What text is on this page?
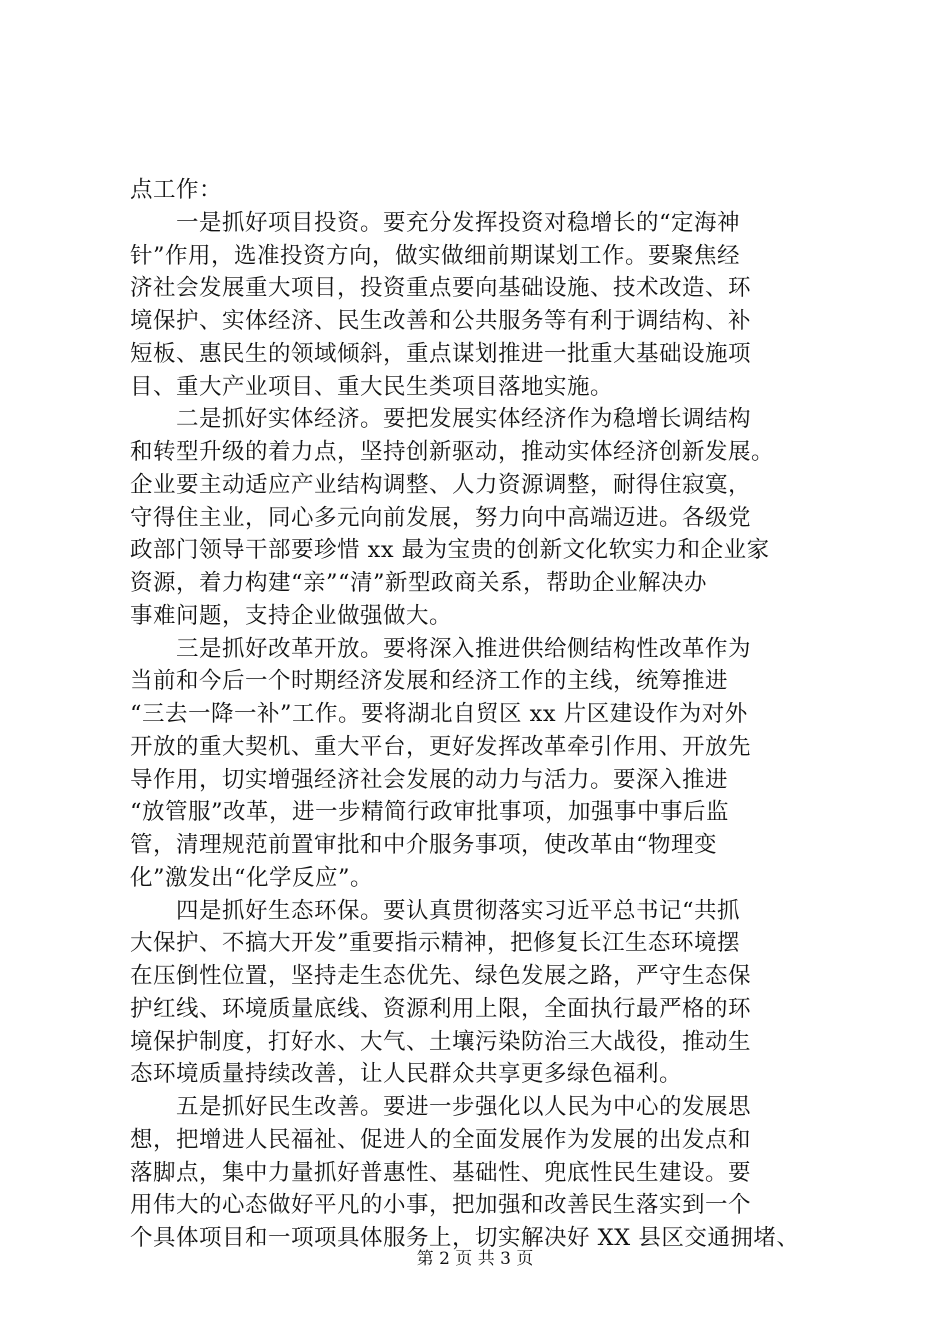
点工作：
　　一是抓好项目投资。要充分发挥投资对稳增长的“定海神
针”作用，选准投资方向，做实做细前期谋划工作。要聚焦经
济社会发展重大项目，投资重点要向基础设施、技术改造、环
境保护、实体经济、民生改善和公共服务等有利于调结构、补
短板、惠民生的领域倾斜，重点谋划推进一批重大基础设施项
目、重大产业项目、重大民生类项目落地实施。
　　二是抓好实体经济。要把发展实体经济作为稳增长调结构
和转型升级的着力点，坚持创新驱动，推动实体经济创新发展。
企业要主动适应产业结构调整、人力资源调整，耐得住寂寞，
守得住主业，同心多元向前发展，努力向中高端迈进。各级党
政部门领导干部要珍惜 xx 最为宝贵的创新文化软实力和企业家
资源，着力构建“亲”“清”新型政商关系，帮助企业解决办
事难问题，支持企业做强做大。
　　三是抓好改革开放。要将深入推进供给侧结构性改革作为
当前和今后一个时期经济发展和经济工作的主线，统筹推进
“三去一降一补”工作。要将湖北自贸区 xx 片区建设作为对外
开放的重大契机、重大平台，更好发挥改革牵引作用、开放先
导作用，切实增强经济社会发展的动力与活力。要深入推进
“放管服”改革，进一步精简行政审批事项，加强事中事后监
管，清理规范前置审批和中介服务事项，使改革由“物理变
化”激发出“化学反应”。
　　四是抓好生态环保。要认真贯彻落实习近平总书记“共抓
大保护、不搞大开发”重要指示精神，把修复长江生态环境摆
在压倒性位置，坚持走生态优先、绿色发展之路，严守生态保
护红线、环境质量底线、资源利用上限，全面执行最严格的环
境保护制度，打好水、大气、土壤污染防治三大战役，推动生
态环境质量持续改善，让人民群众共享更多绿色福利。
　　五是抓好民生改善。要进一步强化以人民为中心的发展思
想，把增进人民福祉、促进人的全面发展作为发展的出发点和
落脚点，集中力量抓好普惠性、基础性、兜底性民生建设。要
用伟大的心态做好平凡的小事，把加强和改善民生落实到一个
个具体项目和一项项具体服务上，切实解决好 XX 县区交通拥堵、
第 2 页 共 3 页
